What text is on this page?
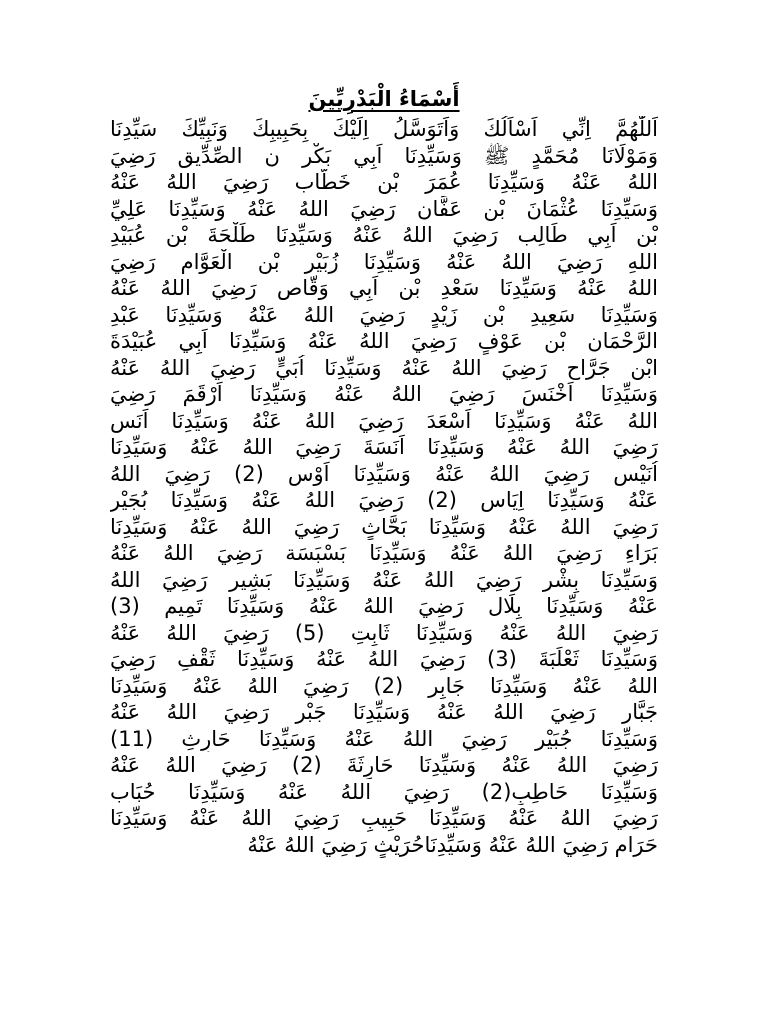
أَسْمَاءُ الْبَدْرِيِّينَ
اَللّٰهُمَّ اِنِّي اَسْاَلُكَ وَاَتَوَسَّلُ اِلَيْكَ بِحَبِيبِكَ وَنَبِيِّكَ سَيِّدِنَا
وَمَوْلَانَا مُحَمَّدٍ ﷺ وَسَيِّدِنَا اَبِي بَكْر ن الصِّدِّيق رَضِيَ
اللهُ عَنْهُ وَسَيِّدِنَا عُمَرَ بْن خَطَّاب رَضِيَ اللهُ عَنْهُ
وَسَيِّدِنَا عُثْمَانَ بْن عَفَّان رَضِيَ اللهُ عَنْهُ وَسَيِّدِنَا عَلِيِّ
بْن اَبِي طَالِب رَضِيَ اللهُ عَنْهُ وَسَيِّدِنَا طَلْحَةَ بْن عُبَيْدِ
اللهِ رَضِيَ اللهُ عَنْهُ وَسَيِّدِنَا زُبَيْر بْن الْعَوَّام رَضِيَ
اللهُ عَنْهُ وَسَيِّدِنَا سَعْدِ بْن اَبِي وَقَّاص رَضِيَ اللهُ عَنْهُ
وَسَيِّدِنَا سَعِيدِ بْن زَيْدٍ رَضِيَ اللهُ عَنْهُ وَسَيِّدِنَا عَبْدِ
الرَّحْمَان بْن عَوْفٍ رَضِيَ اللهُ عَنْهُ وَسَيِّدِنَا اَبِي عُبَيْدَةَ
ابْن جَرَّاحِ رَضِيَ اللهُ عَنْهُ وَسَيِّدِنَا اُبَيٍّ رَضِيَ اللهُ عَنْهُ
وَسَيِّدِنَا اَخْنَسَ رَضِيَ اللهُ عَنْهُ وَسَيِّدِنَا اَرْقَمَ رَضِيَ
اللهُ عَنْهُ وَسَيِّدِنَا اَسْعَدَ رَضِيَ اللهُ عَنْهُ وَسَيِّدِنَا اَنَس
رَضِيَ اللهُ عَنْهُ وَسَيِّدِنَا اَنَسَةَ رَضِيَ اللهُ عَنْهُ وَسَيِّدِنَا
اُنَيْس رَضِيَ اللهُ عَنْهُ وَسَيِّدِنَا اَوْس (2) رَضِيَ اللهُ
عَنْهُ وَسَيِّدِنَا اِيَاس (2) رَضِيَ اللهُ عَنْهُ وَسَيِّدِنَا بُجَيْر
رَضِيَ اللهُ عَنْهُ وَسَيِّدِنَا بَحَّاثٍ رَضِيَ اللهُ عَنْهُ وَسَيِّدِنَا
بَرَاءِ رَضِيَ اللهُ عَنْهُ وَسَيِّدِنَا بَسْبَسَة رَضِيَ اللهُ عَنْهُ
وَسَيِّدِنَا بِشْر رَضِيَ اللهُ عَنْهُ وَسَيِّدِنَا بَشِير رَضِيَ اللهُ
عَنْهُ وَسَيِّدِنَا بِلَال رَضِيَ اللهُ عَنْهُ وَسَيِّدِنَا تَمِيم (3)
رَضِيَ اللهُ عَنْهُ وَسَيِّدِنَا ثَابِتِ (5) رَضِيَ اللهُ عَنْهُ
وَسَيِّدِنَا ثَعْلَبَةَ (3) رَضِيَ اللهُ عَنْهُ وَسَيِّدِنَا ثَقْفِ رَضِيَ
اللهُ عَنْهُ وَسَيِّدِنَا جَابِر (2) رَضِيَ اللهُ عَنْهُ وَسَيِّدِنَا
جَبَّار رَضِيَ اللهُ عَنْهُ وَسَيِّدِنَا جَبْر رَضِيَ اللهُ عَنْهُ
وَسَيِّدِنَا جُبَيْر رَضِيَ اللهُ عَنْهُ وَسَيِّدِنَا حَارِثِ (11)
رَضِيَ اللهُ عَنْهُ وَسَيِّدِنَا حَارِثَةَ (2) رَضِيَ اللهُ عَنْهُ
وَسَيِّدِنَا حَاطِبِ(2) رَضِيَ اللهُ عَنْهُ وَسَيِّدِنَا حُبَاب
رَضِيَ اللهُ عَنْهُ وَسَيِّدِنَا حَبِيبِ رَضِيَ اللهُ عَنْهُ وَسَيِّدِنَا
حَرَامٍ رَضِيَ اللهُ عَنْهُ وَسَيِّدِنَاحُرَيْثٍ رَضِيَ اللهُ عَنْهُ
